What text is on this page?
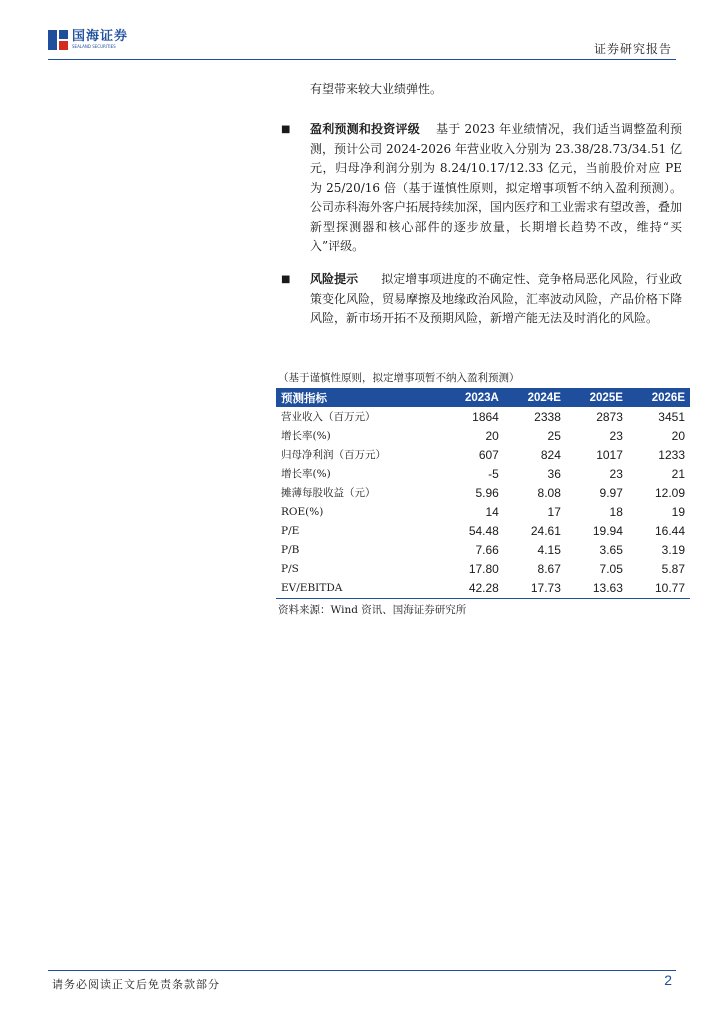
国海证券
SEALAND SECURITIES	证券研究报告
有望带来较大业绩弹性。
■ 盈利预测和投资评级 基于 2023 年业绩情况，我们适当调整盈利预测，预计公司 2024-2026 年营业收入分别为 23.38/28.73/34.51 亿元，归母净利润分别为 8.24/10.17/12.33 亿元，当前股价对应 PE 为 25/20/16 倍（基于谨慎性原则，拟定增事项暂不纳入盈利预测）。公司赤科海外客户拓展持续加深，国内医疗和工业需求有望改善，叠加新型探测器和核心部件的逐步放量，长期增长趋势不改，维持“买入”评级。
■ 风险提示 拟定增事项进度的不确定性、竞争格局恶化风险，行业政策变化风险，贸易摩擦及地缘政治风险，汇率波动风险，产品价格下降风险，新市场开拓不及预期风险，新增产能无法及时消化的风险。
（基于谨慎性原则，拟定增事项暂不纳入盈利预测）
预测指标	2023A	2024E	2025E	2026E
营业收入（百万元）	1864	2338	2873	3451
增长率(%)	20	25	23	20
归母净利润（百万元）	607	824	1017	1233
增长率(%)	-5	36	23	21
摊薄每股收益（元）	5.96	8.08	9.97	12.09
ROE(%)	14	17	18	19
P/E	54.48	24.61	19.94	16.44
P/B	7.66	4.15	3.65	3.19
P/S	17.80	8.67	7.05	5.87
EV/EBITDA	42.28	17.73	13.63	10.77
资料来源：Wind 资讯、国海证券研究所
请务必阅读正文后免责条款部分	2
